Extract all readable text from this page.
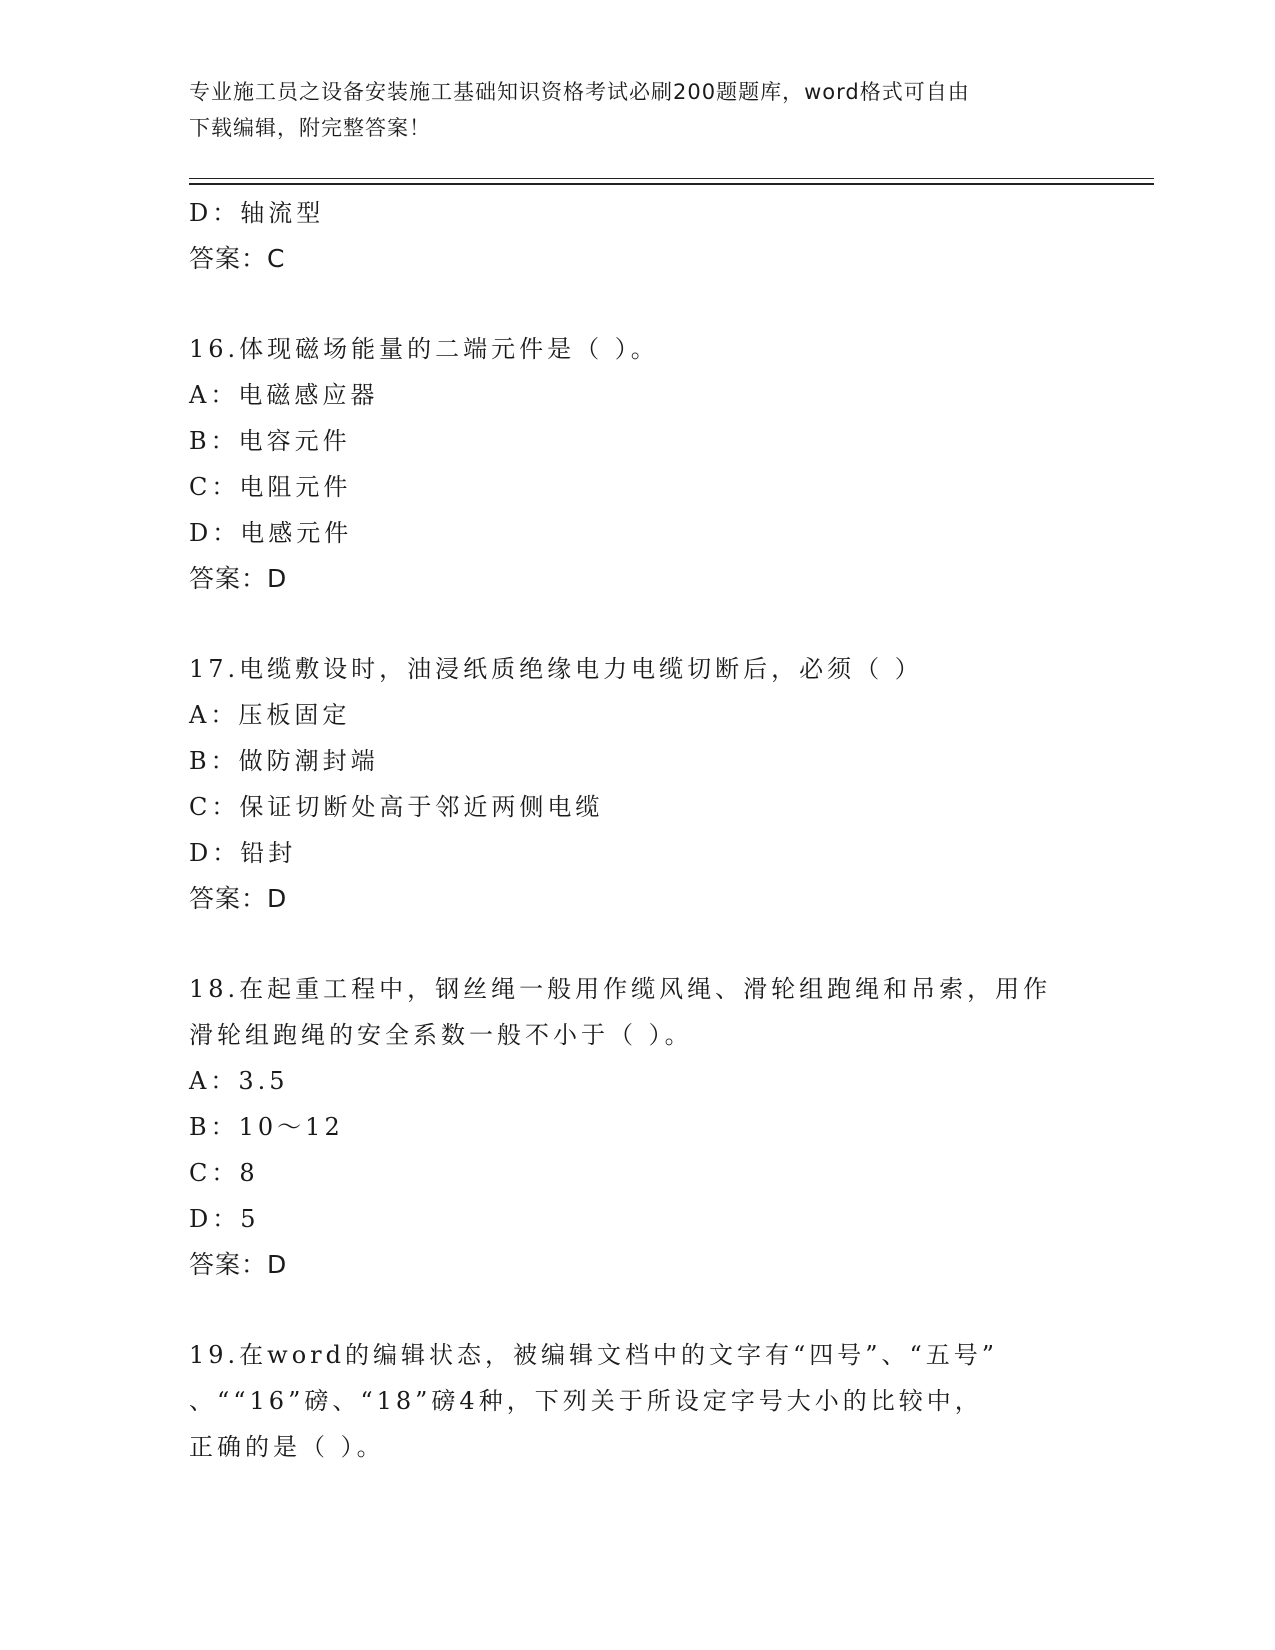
专业施工员之设备安装施工基础知识资格考试必刷200题题库，word格式可自由
下载编辑，附完整答案！
D：轴流型
答案：C
16.体现磁场能量的二端元件是（ ）。
A：电磁感应器
B：电容元件
C：电阻元件
D：电感元件
答案：D
17.电缆敷设时，油浸纸质绝缘电力电缆切断后，必须（ ）
A：压板固定
B：做防潮封端
C：保证切断处高于邻近两侧电缆
D：铅封
答案：D
18.在起重工程中，钢丝绳一般用作缆风绳、滑轮组跑绳和吊索，用作
滑轮组跑绳的安全系数一般不小于（ ）。
A：3.5
B：10～12
C：8
D：5
答案：D
19.在word的编辑状态，被编辑文档中的文字有“四号”、“五号”
、““16”磅、“18”磅4种，下列关于所设定字号大小的比较中，
正确的是（ ）。
